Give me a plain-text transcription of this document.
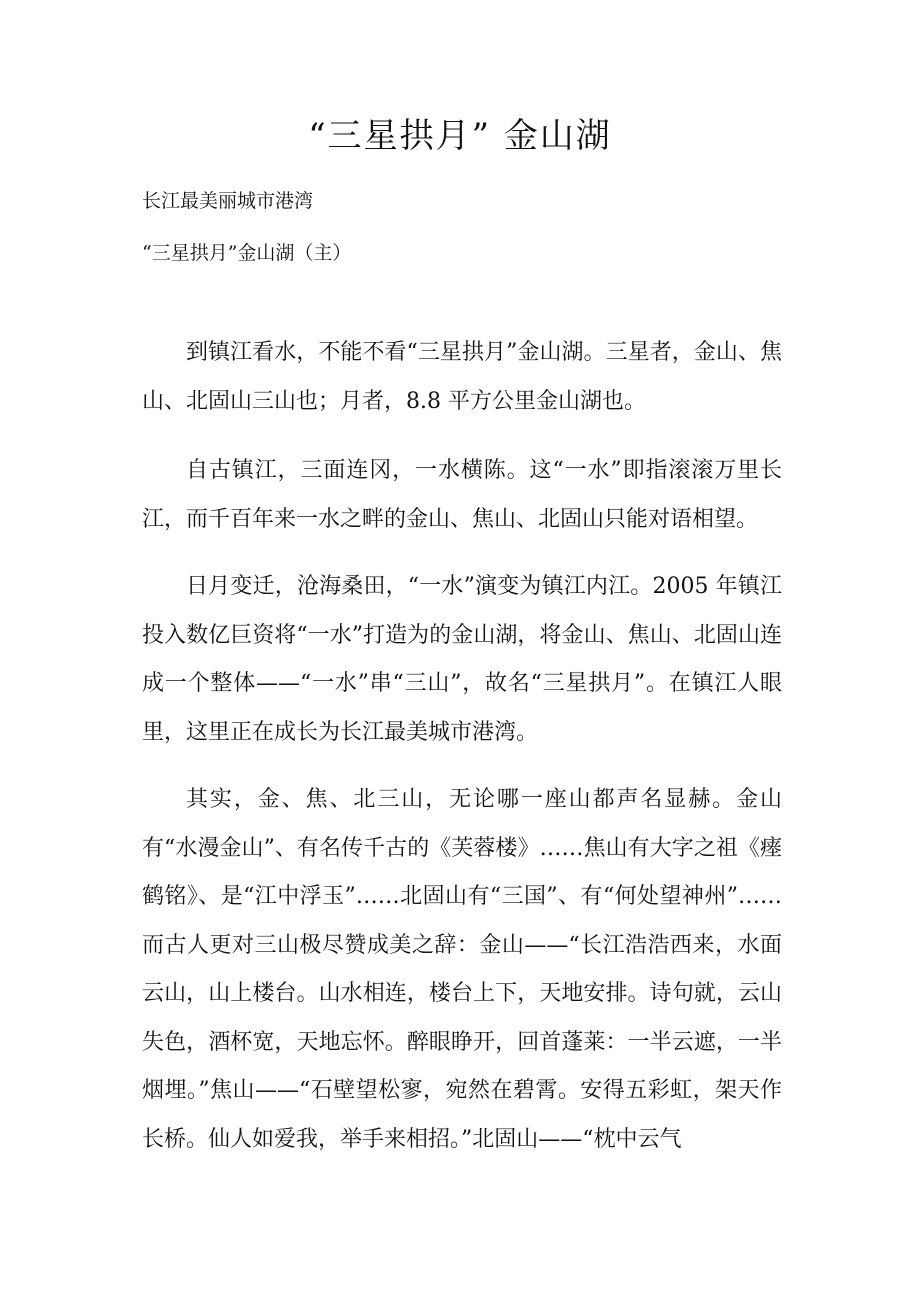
“三星拱月” 金山湖

长江最美丽城市港湾

“三星拱月”金山湖（主）

到镇江看水，不能不看“三星拱月”金山湖。三星者，金山、焦山、北固山三山也；月者，8.8 平方公里金山湖也。

自古镇江，三面连冈，一水横陈。这“一水”即指滚滚万里长江，而千百年来一水之畔的金山、焦山、北固山只能对语相望。

日月变迁，沧海桑田，“一水”演变为镇江内江。2005 年镇江投入数亿巨资将“一水”打造为的金山湖，将金山、焦山、北固山连成一个整体——“一水”串“三山”，故名“三星拱月”。在镇江人眼里，这里正在成长为长江最美城市港湾。

其实，金、焦、北三山，无论哪一座山都声名显赫。金山有“水漫金山”、有名传千古的《芙蓉楼》……焦山有大字之祖《瘗鹤铭》、是“江中浮玉”……北固山有“三国”、有“何处望神州”……而古人更对三山极尽赞成美之辞：金山——“长江浩浩西来，水面云山，山上楼台。山水相连，楼台上下，天地安排。诗句就，云山失色，酒杯宽，天地忘怀。醉眼睁开，回首蓬莱：一半云遮，一半烟埋。”焦山——“石壁望松寥，宛然在碧霄。安得五彩虹，架天作长桥。仙人如爱我，举手来相招。”北固山——“枕中云气
